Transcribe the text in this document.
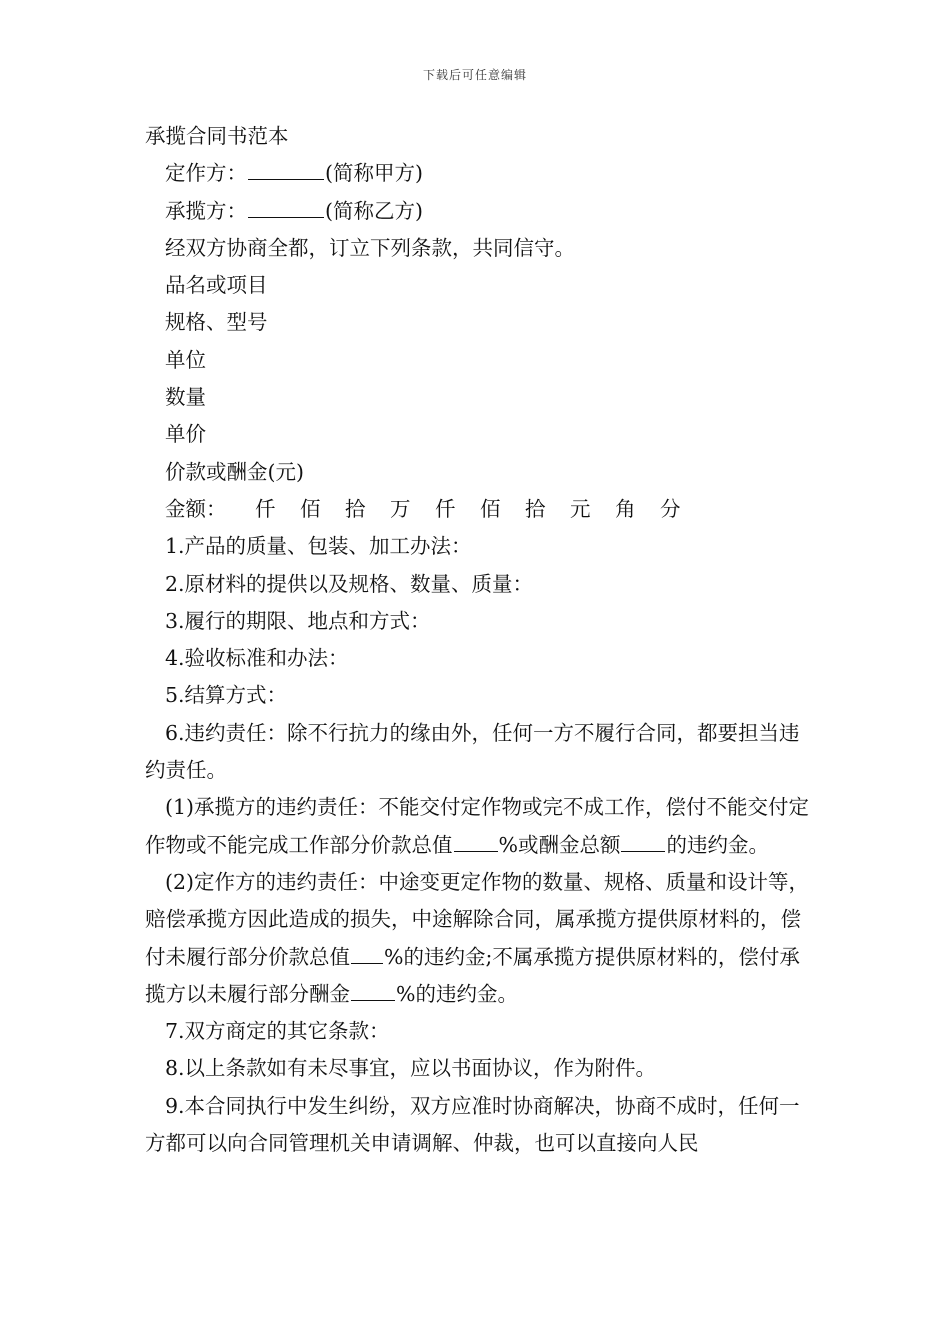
下载后可任意编辑
承揽合同书范本
定作方：	(简称甲方)
承揽方：	(简称乙方)
经双方协商全都，订立下列条款，共同信守。
品名或项目
规格、型号
单位
数量
单价
价款或酬金(元)
金额： 仟 佰 拾 万 仟 佰 拾 元 角 分
1.产品的质量、包装、加工办法：
2.原材料的提供以及规格、数量、质量：
3.履行的期限、地点和方式：
4.验收标准和办法：
5.结算方式：
6.违约责任：除不行抗力的缘由外，任何一方不履行合同，都要担当违约责任。
(1)承揽方的违约责任：不能交付定作物或完不成工作，偿付不能交付定作物或不能完成工作部分价款总值 %或酬金总额 的违约金。
(2)定作方的违约责任：中途变更定作物的数量、规格、质量和设计等，赔偿承揽方因此造成的损失，中途解除合同，属承揽方提供原材料的，偿付未履行部分价款总值 %的违约金;不属承揽方提供原材料的，偿付承揽方以未履行部分酬金 %的违约金。
7.双方商定的其它条款：
8.以上条款如有未尽事宜，应以书面协议，作为附件。
9.本合同执行中发生纠纷，双方应准时协商解决，协商不成时，任何一方都可以向合同管理机关申请调解、仲裁，也可以直接向人民
